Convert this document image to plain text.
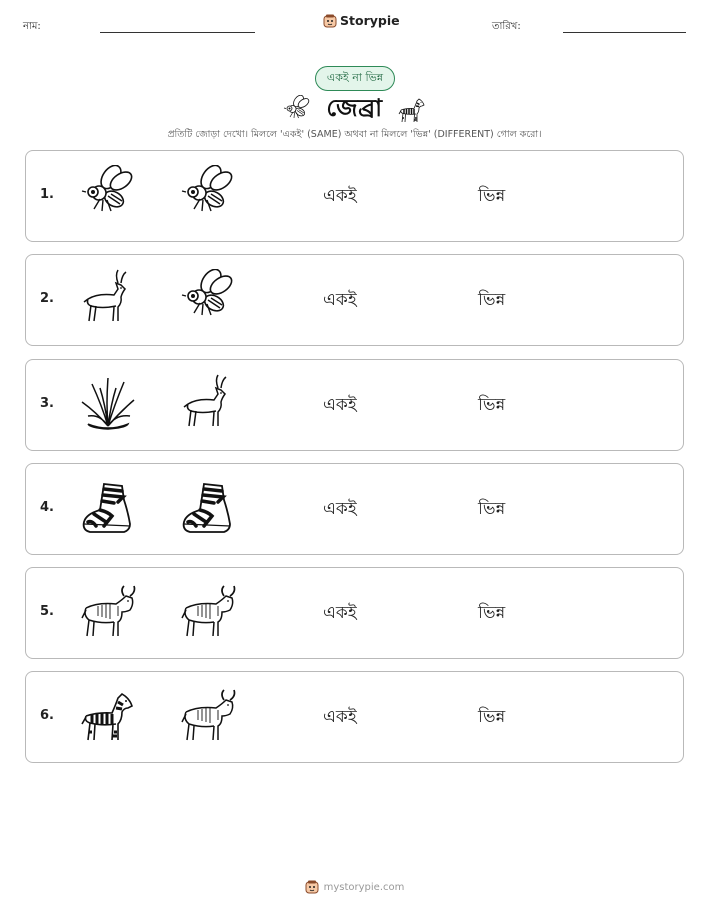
নাম:	Storypie	তারিখ:
একই না ভিন্ন
জেব্রা
প্রতিটি জোড়া দেখো। মিললে 'একই' (SAME) অথবা না মিললে 'ভিন্ন' (DIFFERENT) গোল করো।
1.	একই	ভিন্ন
2.	একই	ভিন্ন
3.	একই	ভিন্ন
4.	একই	ভিন্ন
5.	একই	ভিন্ন
6.	একই	ভিন্ন
mystorypie.com
